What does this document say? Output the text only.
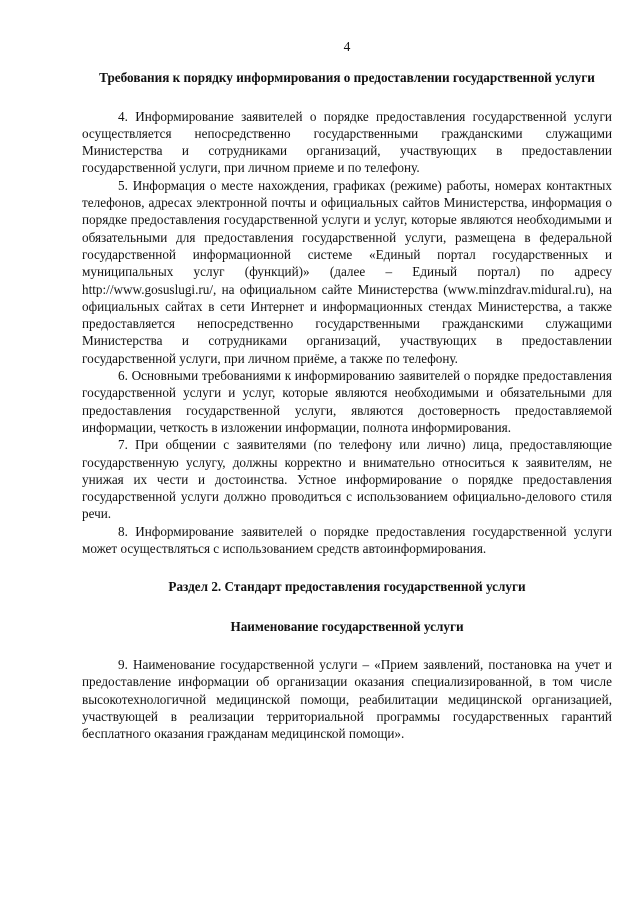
4
Требования к порядку информирования о предоставлении государственной услуги

4. Информирование заявителей о порядке предоставления государственной услуги осуществляется непосредственно государственными гражданскими служащими Министерства и сотрудниками организаций, участвующих в предоставлении государственной услуги, при личном приеме и по телефону.

5. Информация о месте нахождения, графиках (режиме) работы, номерах контактных телефонов, адресах электронной почты и официальных сайтов Министерства, информация о порядке предоставления государственной услуги и услуг, которые являются необходимыми и обязательными для предоставления государственной услуги, размещена в федеральной государственной информационной системе «Единый портал государственных и муниципальных услуг (функций)» (далее – Единый портал) по адресу http://www.gosuslugi.ru/, на официальном сайте Министерства (www.minzdrav.midural.ru), на официальных сайтах в сети Интернет и информационных стендах Министерства, а также предоставляется непосредственно государственными гражданскими служащими Министерства и сотрудниками организаций, участвующих в предоставлении государственной услуги, при личном приёме, а также по телефону.

6. Основными требованиями к информированию заявителей о порядке предоставления государственной услуги и услуг, которые являются необходимыми и обязательными для предоставления государственной услуги, являются достоверность предоставляемой информации, четкость в изложении информации, полнота информирования.

7. При общении с заявителями (по телефону или лично) лица, предоставляющие государственную услугу, должны корректно и внимательно относиться к заявителям, не унижая их чести и достоинства. Устное информирование о порядке предоставления государственной услуги должно проводиться с использованием официально-делового стиля речи.

8. Информирование заявителей о порядке предоставления государственной услуги может осуществляться с использованием средств автоинформирования.

Раздел 2. Стандарт предоставления государственной услуги
Наименование государственной услуги

9. Наименование государственной услуги – «Прием заявлений, постановка на учет и предоставление информации об организации оказания специализированной, в том числе высокотехнологичной медицинской помощи, реабилитации медицинской организацией, участвующей в реализации территориальной программы государственных гарантий бесплатного оказания гражданам медицинской помощи».
